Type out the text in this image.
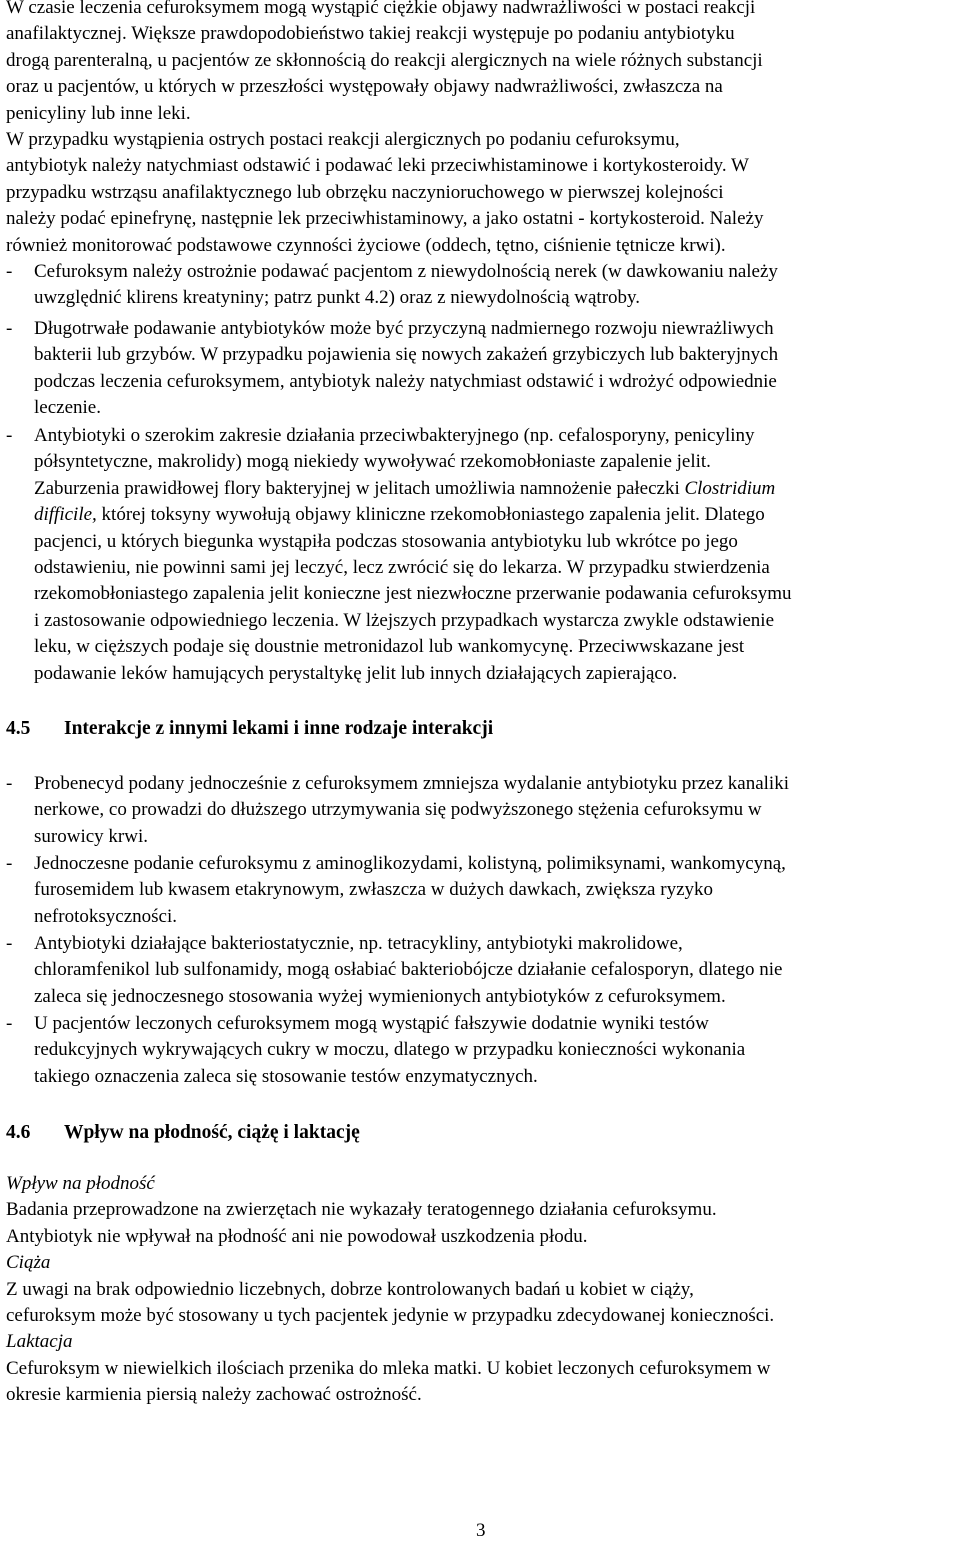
W czasie leczenia cefuroksymem mogą wystąpić ciężkie objawy nadwrażliwości w postaci reakcji
anafilaktycznej. Większe prawdopodobieństwo takiej reakcji występuje po podaniu antybiotyku
drogą parenteralną, u pacjentów ze skłonnością do reakcji alergicznych na wiele różnych substancji
oraz u pacjentów, u których w przeszłości występowały objawy nadwrażliwości, zwłaszcza na
penicyliny lub inne leki.
W przypadku wystąpienia ostrych postaci reakcji alergicznych po podaniu cefuroksymu,
antybiotyk należy natychmiast odstawić i podawać leki przeciwhistaminowe i kortykosteroidy. W
przypadku wstrząsu anafilaktycznego lub obrzęku naczynioruchowego w pierwszej kolejności
należy podać epinefrynę, następnie lek przeciwhistaminowy, a jako ostatni - kortykosteroid. Należy
również monitorować podstawowe czynności życiowe (oddech, tętno, ciśnienie tętnicze krwi).
- Cefuroksym należy ostrożnie podawać pacjentom z niewydolnością nerek (w dawkowaniu należy
uwzględnić klirens kreatyniny; patrz punkt 4.2) oraz z niewydolnością wątroby.
- Długotrwałe podawanie antybiotyków może być przyczyną nadmiernego rozwoju niewrażliwych
bakterii lub grzybów. W przypadku pojawienia się nowych zakażeń grzybiczych lub bakteryjnych
podczas leczenia cefuroksymem, antybiotyk należy natychmiast odstawić i wdrożyć odpowiednie
leczenie.
- Antybiotyki o szerokim zakresie działania przeciwbakteryjnego (np. cefalosporyny, penicyliny
półsyntetyczne, makrolidy) mogą niekiedy wywoływać rzekomobłoniaste zapalenie jelit.
Zaburzenia prawidłowej flory bakteryjnej w jelitach umożliwia namnożenie pałeczki Clostridium
difficile, której toksyny wywołują objawy kliniczne rzekomobłoniastego zapalenia jelit. Dlatego
pacjenci, u których biegunka wystąpiła podczas stosowania antybiotyku lub wkrótce po jego
odstawieniu, nie powinni sami jej leczyć, lecz zwrócić się do lekarza. W przypadku stwierdzenia
rzekomobłoniastego zapalenia jelit konieczne jest niezwłoczne przerwanie podawania cefuroksymu
i zastosowanie odpowiedniego leczenia. W lżejszych przypadkach wystarcza zwykle odstawienie
leku, w cięższych podaje się doustnie metronidazol lub wankomycynę. Przeciwwskazane jest
podawanie leków hamujących perystaltykę jelit lub innych działających zapierająco.
4.5 Interakcje z innymi lekami i inne rodzaje interakcji
- Probenecyd podany jednocześnie z cefuroksymem zmniejsza wydalanie antybiotyku przez kanaliki
nerkowe, co prowadzi do dłuższego utrzymywania się podwyższonego stężenia cefuroksymu w
surowicy krwi.
- Jednoczesne podanie cefuroksymu z aminoglikozydami, kolistyną, polimiksynami, wankomycyną,
furosemidem lub kwasem etakrynowym, zwłaszcza w dużych dawkach, zwiększa ryzyko
nefrotoksyczności.
- Antybiotyki działające bakteriostatycznie, np. tetracykliny, antybiotyki makrolidowe,
chloramfenikol lub sulfonamidy, mogą osłabiać bakteriobójcze działanie cefalosporyn, dlatego nie
zaleca się jednoczesnego stosowania wyżej wymienionych antybiotyków z cefuroksymem.
- U pacjentów leczonych cefuroksymem mogą wystąpić fałszywie dodatnie wyniki testów
redukcyjnych wykrywających cukry w moczu, dlatego w przypadku konieczności wykonania
takiego oznaczenia zaleca się stosowanie testów enzymatycznych.
4.6 Wpływ na płodność, ciążę i laktację
Wpływ na płodność
Badania przeprowadzone na zwierzętach nie wykazały teratogennego działania cefuroksymu.
Antybiotyk nie wpływał na płodność ani nie powodował uszkodzenia płodu.
Ciąża
Z uwagi na brak odpowiednio liczebnych, dobrze kontrolowanych badań u kobiet w ciąży,
cefuroksym może być stosowany u tych pacjentek jedynie w przypadku zdecydowanej konieczności.
Laktacja
Cefuroksym w niewielkich ilościach przenika do mleka matki. U kobiet leczonych cefuroksymem w
okresie karmienia piersią należy zachować ostrożność.
3
